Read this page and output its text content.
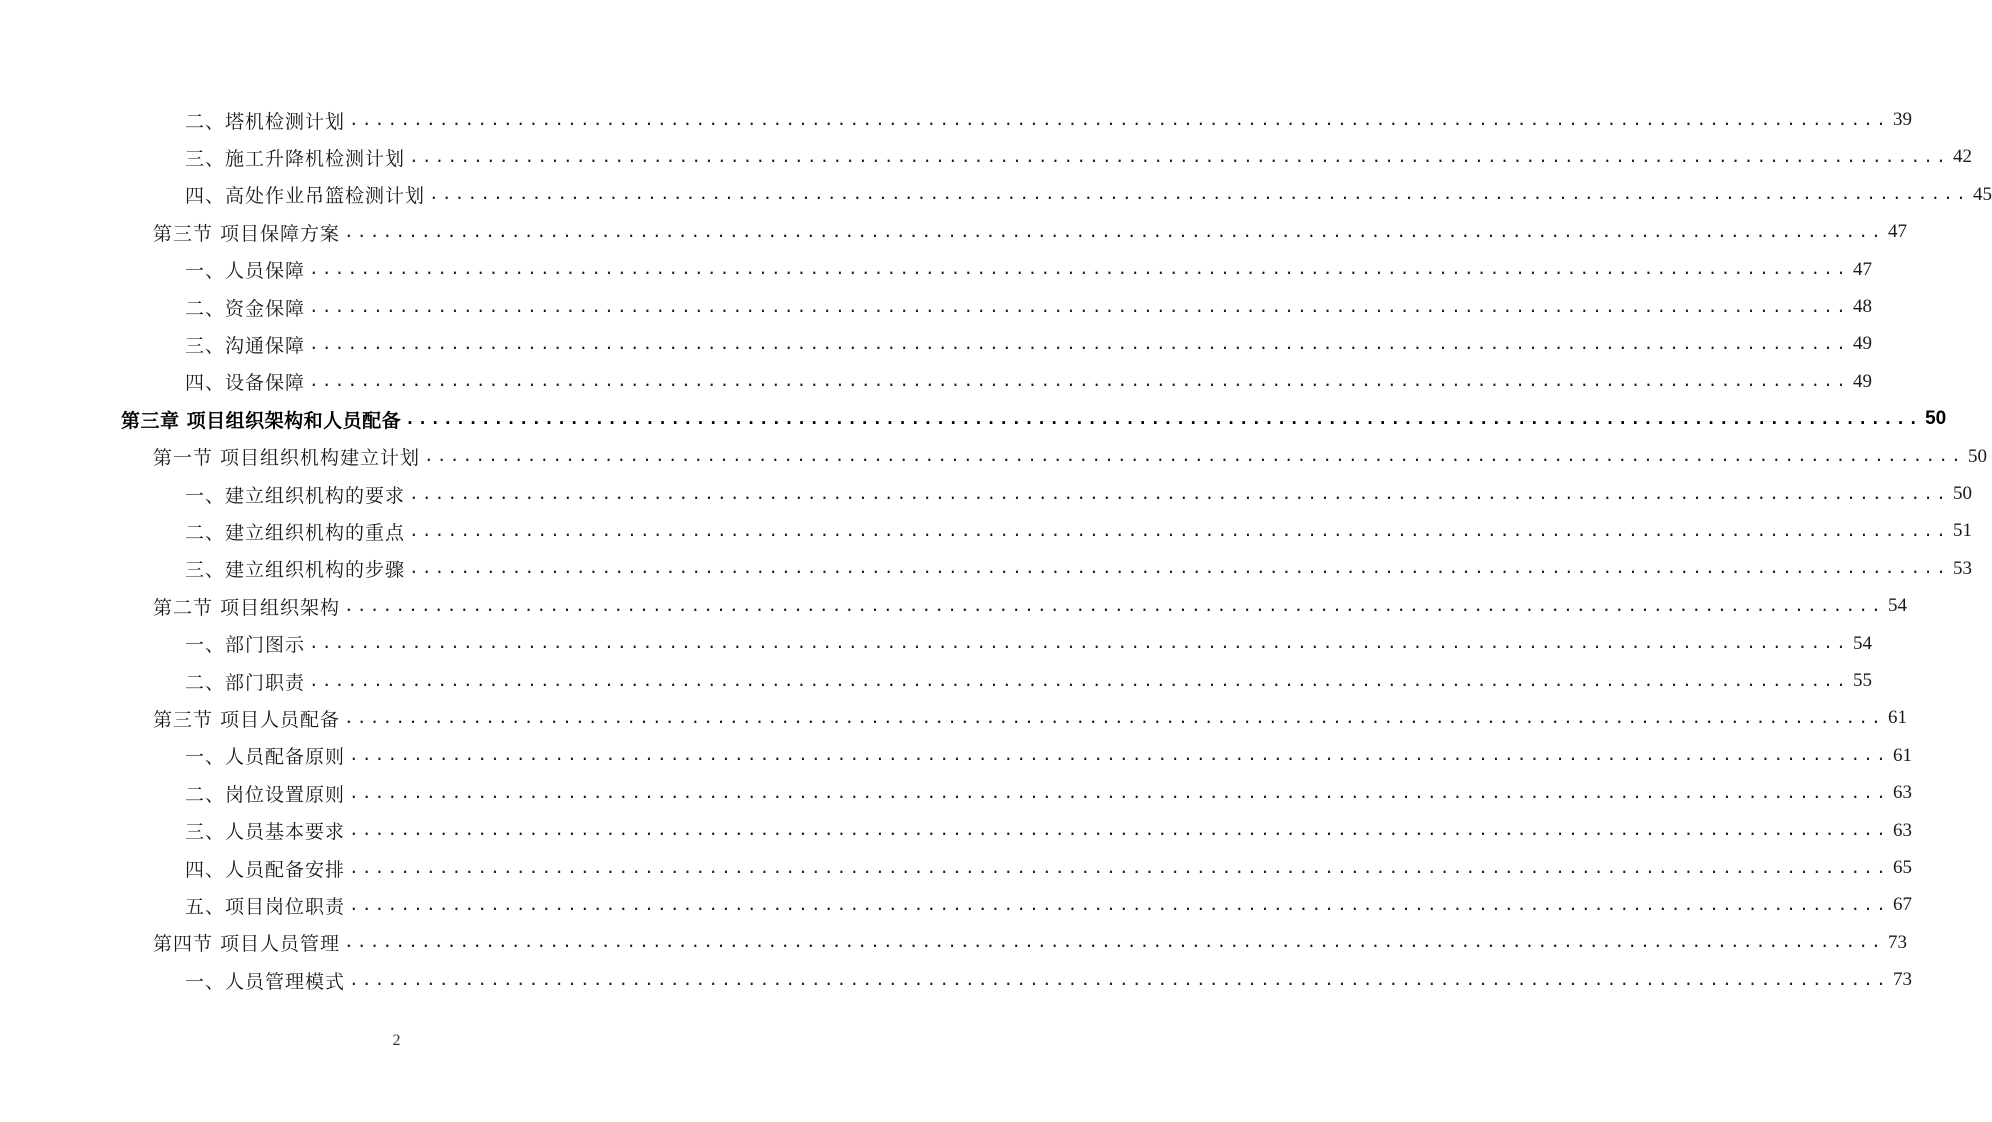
二、塔机检测计划 ........................................................................................................................ 39
三、施工升降机检测计划 ........................................................................................................................ 42
四、高处作业吊篮检测计划 ........................................................................................................................ 45
第三节 项目保障方案 ........................................................................................................................ 47
一、人员保障 ........................................................................................................................ 47
二、资金保障 ........................................................................................................................ 48
三、沟通保障 ........................................................................................................................ 49
四、设备保障 ........................................................................................................................ 49
第三章 项目组织架构和人员配备 ........................................................................................................................ 50
第一节 项目组织机构建立计划 ........................................................................................................................ 50
一、建立组织机构的要求 ........................................................................................................................ 50
二、建立组织机构的重点 ........................................................................................................................ 51
三、建立组织机构的步骤 ........................................................................................................................ 53
第二节 项目组织架构 ........................................................................................................................ 54
一、部门图示 ........................................................................................................................ 54
二、部门职责 ........................................................................................................................ 55
第三节 项目人员配备 ........................................................................................................................ 61
一、人员配备原则 ........................................................................................................................ 61
二、岗位设置原则 ........................................................................................................................ 63
三、人员基本要求 ........................................................................................................................ 63
四、人员配备安排 ........................................................................................................................ 65
五、项目岗位职责 ........................................................................................................................ 67
第四节 项目人员管理 ........................................................................................................................ 73
一、人员管理模式 ........................................................................................................................ 73
2
